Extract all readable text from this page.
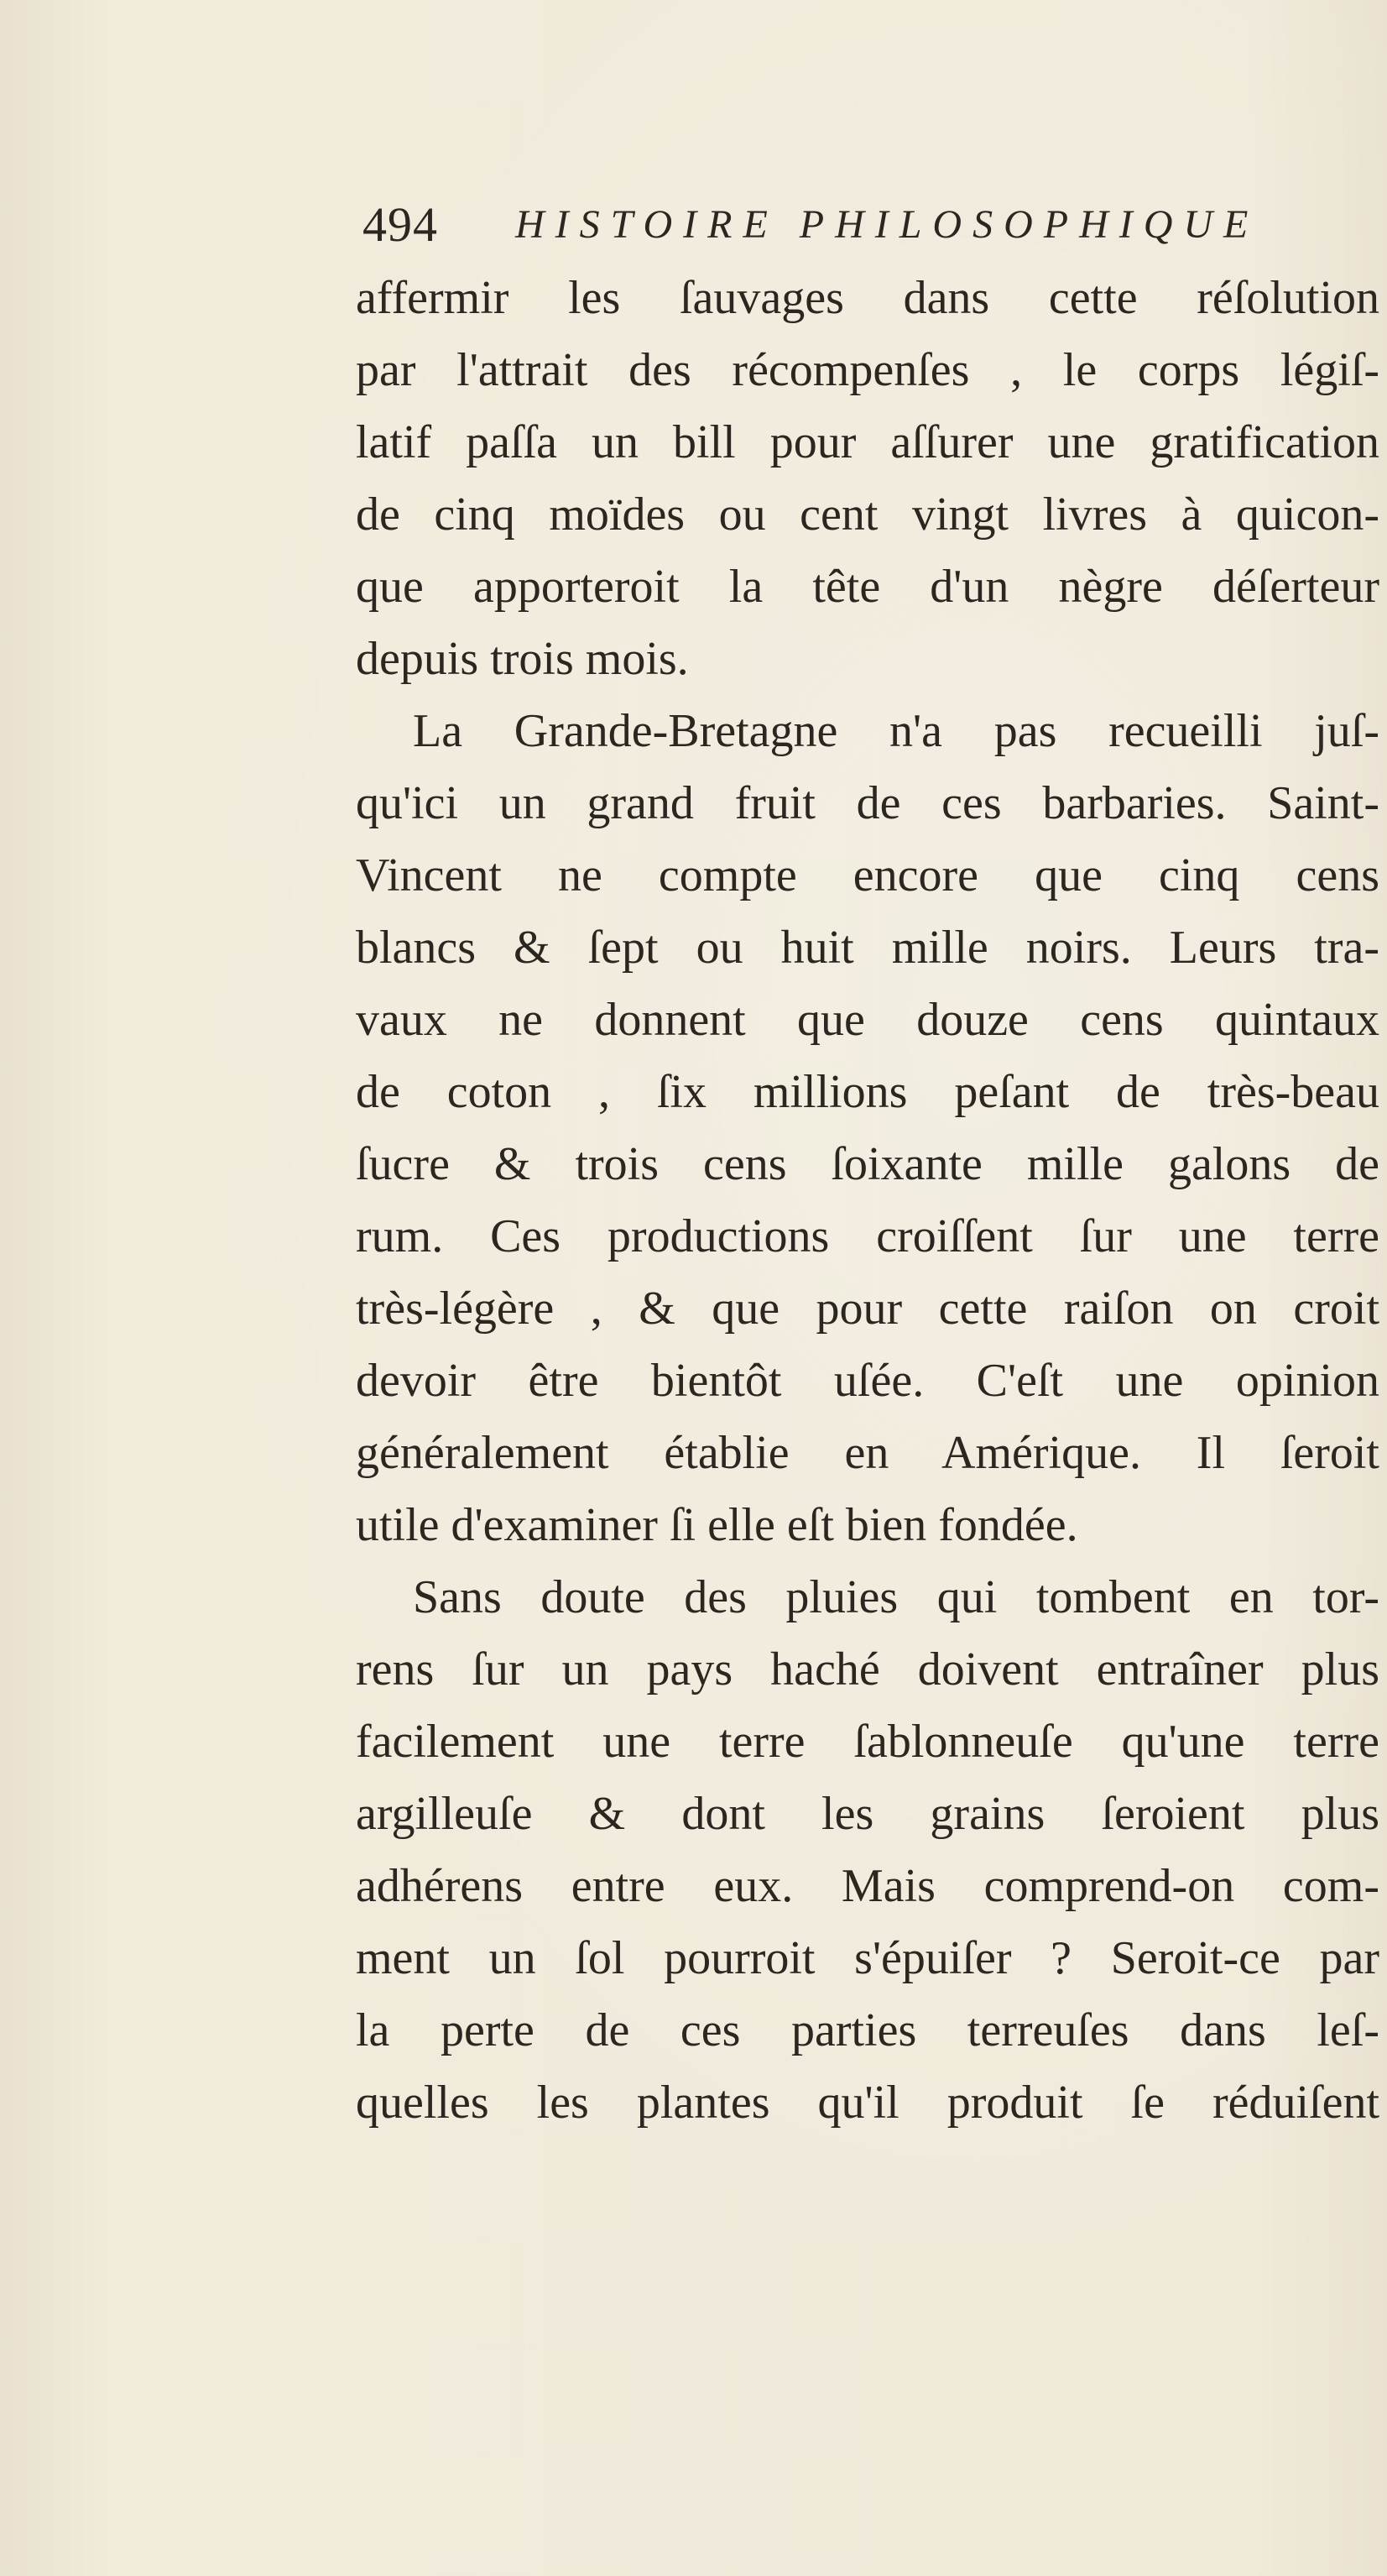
494 HISTOIRE PHILOSOPHIQUE
affermir les ſauvages dans cette réſolution
par l'attrait des récompenſes , le corps légiſ-
latif paſſa un bill pour aſſurer une gratification
de cinq moïdes ou cent vingt livres à quicon-
que apporteroit la tête d'un nègre déſerteur
depuis trois mois.
La Grande-Bretagne n'a pas recueilli juſ-
qu'ici un grand fruit de ces barbaries. Saint-
Vincent ne compte encore que cinq cens
blancs & ſept ou huit mille noirs. Leurs tra-
vaux ne donnent que douze cens quintaux
de coton , ſix millions peſant de très-beau
ſucre & trois cens ſoixante mille galons de
rum. Ces productions croiſſent ſur une terre
très-légère , & que pour cette raiſon on croit
devoir être bientôt uſée. C'eſt une opinion
généralement établie en Amérique. Il ſeroit
utile d'examiner ſi elle eſt bien fondée.
Sans doute des pluies qui tombent en tor-
rens ſur un pays haché doivent entraîner plus
facilement une terre ſablonneuſe qu'une terre
argilleuſe & dont les grains ſeroient plus
adhérens entre eux. Mais comprend-on com-
ment un ſol pourroit s'épuiſer ? Seroit-ce par
la perte de ces parties terreuſes dans leſ-
quelles les plantes qu'il produit ſe réduiſent
